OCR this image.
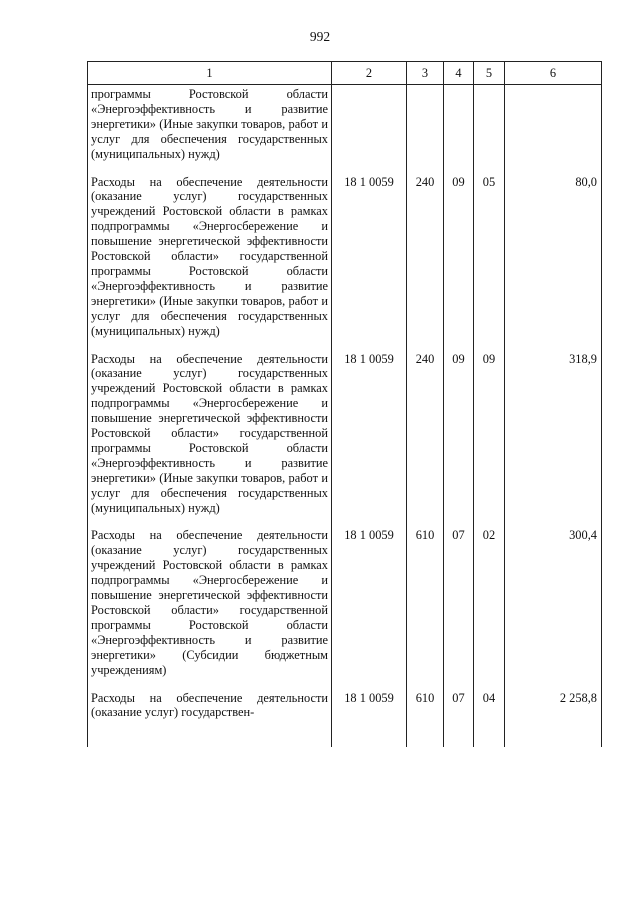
992
1	2	3	4	5	6
программы Ростовской области «Энергоэффективность и развитие энергетики» (Иные закупки товаров, работ и услуг для обеспечения государственных (муниципальных) нужд)					
Расходы на обеспечение деятельности (оказание услуг) государственных учреждений Ростовской области в рамках подпрограммы «Энергосбережение и повышение энергетической эффективности Ростовской области» государственной программы Ростовской области «Энергоэффективность и развитие энергетики» (Иные закупки товаров, работ и услуг для обеспечения государственных (муниципальных) нужд)	18 1 0059	240	09	05	80,0
Расходы на обеспечение деятельности (оказание услуг) государственных учреждений Ростовской области в рамках подпрограммы «Энергосбережение и повышение энергетической эффективности Ростовской области» государственной программы Ростовской области «Энергоэффективность и развитие энергетики» (Иные закупки товаров, работ и услуг для обеспечения государственных (муниципальных) нужд)	18 1 0059	240	09	09	318,9
Расходы на обеспечение деятельности (оказание услуг) государственных учреждений Ростовской области в рамках подпрограммы «Энергосбережение и повышение энергетической эффективности Ростовской области» государственной программы Ростовской области «Энергоэффективность и развитие энергетики» (Субсидии бюджетным учреждениям)	18 1 0059	610	07	02	300,4
Расходы на обеспечение деятельности (оказание услуг) государствен-	18 1 0059	610	07	04	2 258,8
